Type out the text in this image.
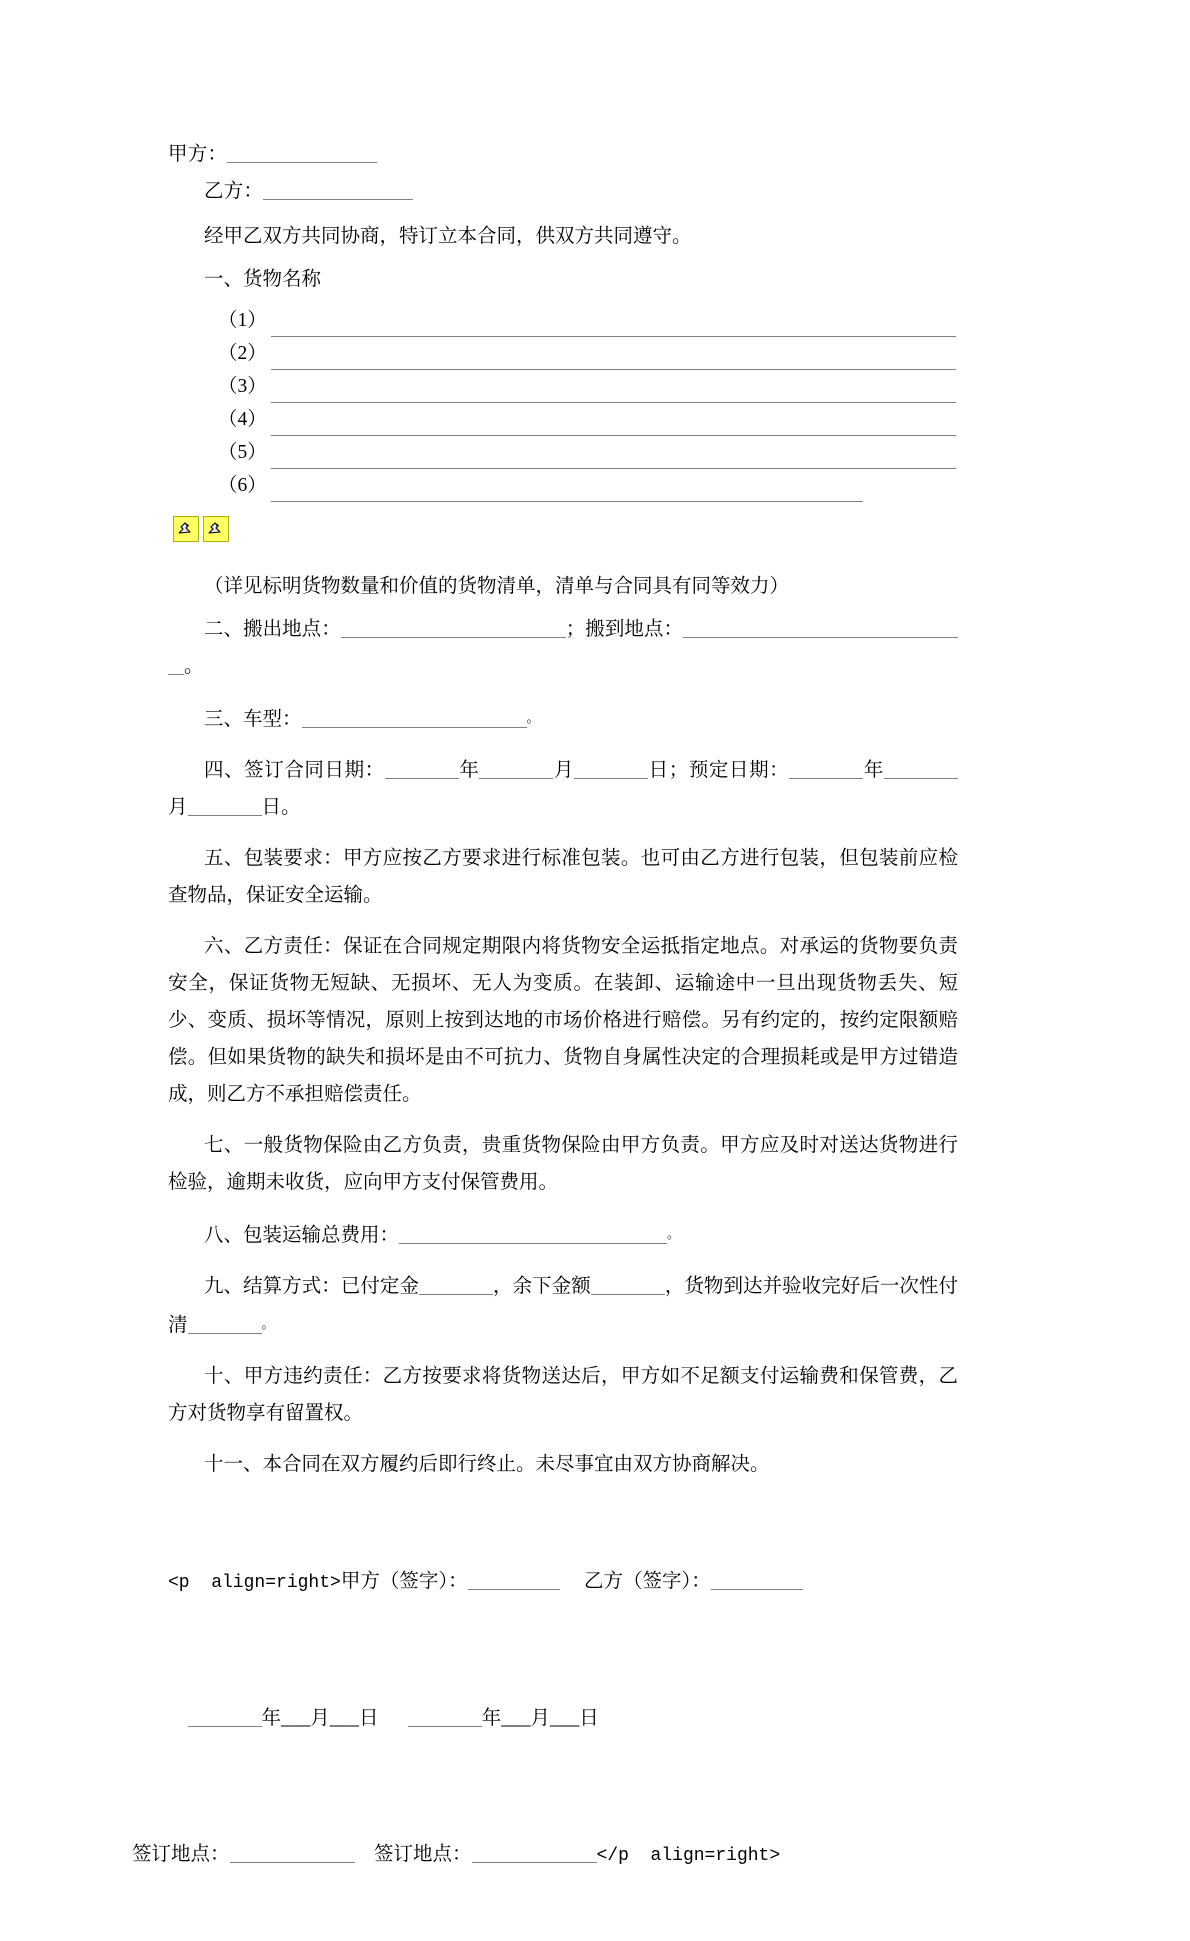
甲方：
乙方：
经甲乙双方共同协商，特订立本合同，供双方共同遵守。
一、货物名称
（1）
（2）
（3）
（4）
（5）
（6）
（详见标明货物数量和价值的货物清单，清单与合同具有同等效力）
二、搬出地点：	；搬到地点：。
三、车型：	。
四、签订合同日期：	年	月	日；预定日期：	年月	日。
五、包装要求：甲方应按乙方要求进行标准包装。也可由乙方进行包装，但包装前应检查物品，保证安全运输。
六、乙方责任：保证在合同规定期限内将货物安全运抵指定地点。对承运的货物要负责安全，保证货物无短缺、无损坏、无人为变质。在装卸、运输途中一旦出现货物丢失、短少、变质、损坏等情况，原则上按到达地的市场价格进行赔偿。另有约定的，按约定限额赔偿。但如果货物的缺失和损坏是由不可抗力、货物自身属性决定的合理损耗或是甲方过错造成，则乙方不承担赔偿责任。
七、一般货物保险由乙方负责，贵重货物保险由甲方负责。甲方应及时对送达货物进行检验，逾期未收货，应向甲方支付保管费用。
八、包装运输总费用：	。
九、结算方式：已付定金	，余下金额	，货物到达并验收完好后一次性付清	。
十、甲方违约责任：乙方按要求将货物送达后，甲方如不足额支付运输费和保管费，乙方对货物享有留置权。
十一、本合同在双方履约后即行终止。未尽事宜由双方协商解决。

<p  align=right>甲方（签字）：	乙方（签字）：

年___月___日	年___月___日

签订地点：	签订地点：	</p  align=right>
